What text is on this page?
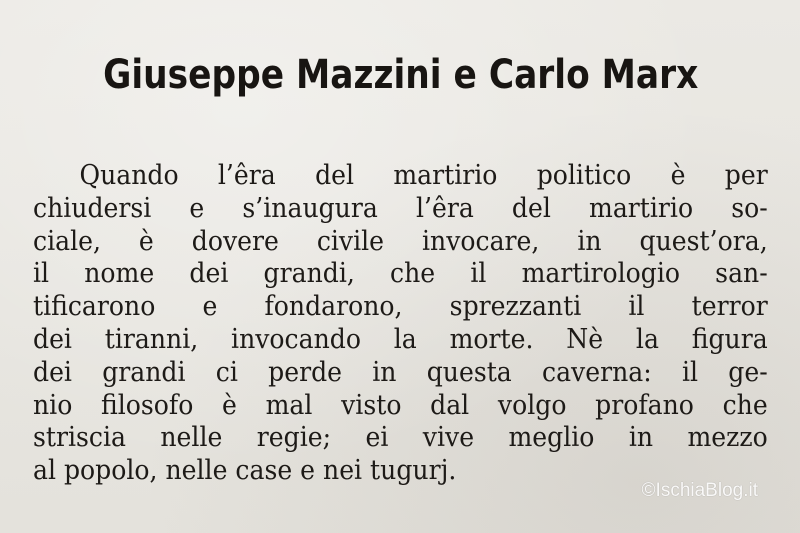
Giuseppe Mazzini e Carlo Marx
Quando l’êra del martirio politico è per
chiudersi e s’inaugura l’êra del martirio so-
ciale, è dovere civile invocare, in quest’ora,
il nome dei grandi, che il martirologio san-
tificarono e fondarono, sprezzanti il terror
dei tiranni, invocando la morte. Nè la figura
dei grandi ci perde in questa caverna: il ge-
nio filosofo è mal visto dal volgo profano che
striscia nelle regie; ei vive meglio in mezzo
al popolo, nelle case e nei tugurj.
©IschiaBlog.it
